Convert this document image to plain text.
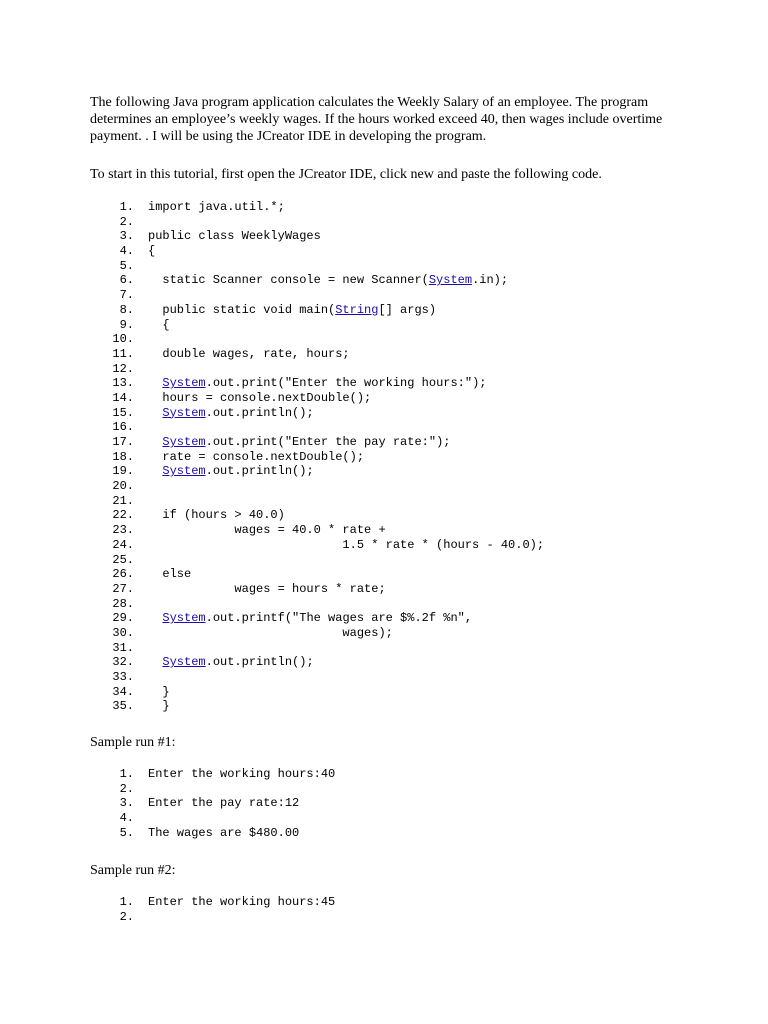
The following Java program application calculates the Weekly Salary of an employee. The program determines an employee’s weekly wages. If the hours worked exceed 40, then wages include overtime payment. . I will be using the JCreator IDE in developing the program.

To start in this tutorial, first open the JCreator IDE, click new and paste the following code.

1. import java.util.*;
2.
3. public class WeeklyWages
4. {
5.
6.  static Scanner console = new Scanner(System.in);
7.
8.  public static void main(String[] args)
9.  {
10.
11.  double wages, rate, hours;
12.
13. System.out.print("Enter the working hours:");
14.  hours = console.nextDouble();
15. System.out.println();
16.
17. System.out.print("Enter the pay rate:");
18.  rate = console.nextDouble();
19. System.out.println();
20.
21.
22.  if (hours > 40.0)
23.            wages = 40.0 * rate +
24.                           1.5 * rate * (hours - 40.0);
25.
26.  else
27.            wages = hours * rate;
28.
29. System.out.printf("The wages are $%.2f %n",
30.                           wages);
31.
32. System.out.println();
33.
34.  }
35.  }

Sample run #1:

1. Enter the working hours:40
2.
3. Enter the pay rate:12
4.
5. The wages are $480.00

Sample run #2:

1. Enter the working hours:45
2.
